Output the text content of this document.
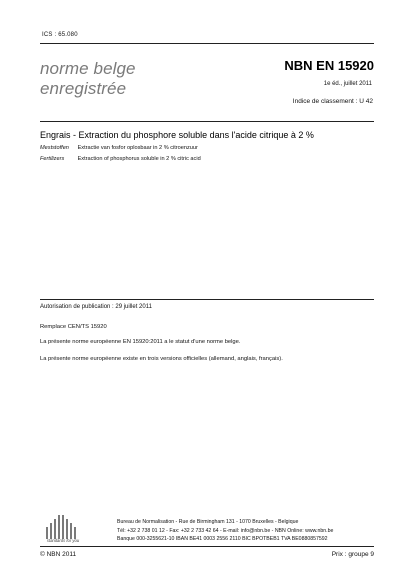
ICS : 65.080
norme belge
enregistrée
NBN EN 15920
1e éd., juillet 2011
Indice de classement : U 42
Engrais - Extraction du phosphore soluble dans l'acide citrique à 2 %
Meststoffen Extractie van fosfor oplosbaar in 2 % citroenzuur
Fertilizers Extraction of phosphorus soluble in 2 % citric acid
Autorisation de publication : 29 juillet 2011
Remplace CEN/TS 15920
La présente norme européenne EN 15920:2011 a le statut d'une norme belge.
La présente norme européenne existe en trois versions officielles (allemand, anglais, français).
standards for you
Bureau de Normalisation - Rue de Birmingham 131 - 1070 Bruxelles - Belgique
Tél: +32 2 738 01 12 - Fax: +32 2 733 42 64 - E-mail: info@nbn.be - NBN Online: www.nbn.be
Banque 000-3255621-10 IBAN BE41 0003 2556 2110 BIC BPOTBEB1 TVA BE0880857592
© NBN 2011	Prix : groupe 9
